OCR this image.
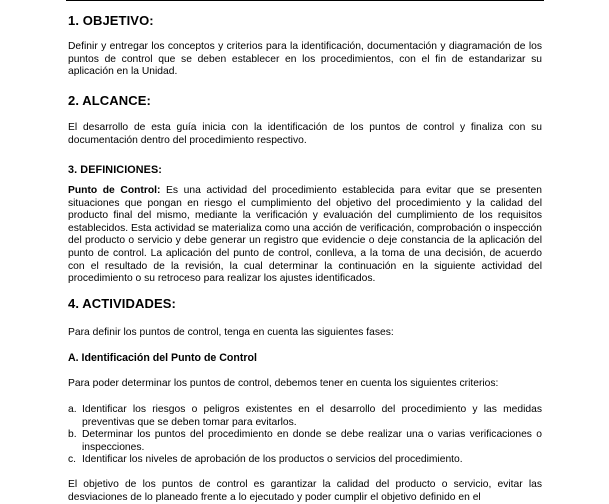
1. OBJETIVO:

Definir y entregar los conceptos y criterios para la identificación, documentación y diagramación de los puntos de control que se deben establecer en los procedimientos, con el fin de estandarizar su aplicación en la Unidad.

2. ALCANCE:

El desarrollo de esta guía inicia con la identificación de los puntos de control y finaliza con su documentación dentro del procedimiento respectivo.

3. DEFINICIONES:

Punto de Control: Es una actividad del procedimiento establecida para evitar que se presenten situaciones que pongan en riesgo el cumplimiento del objetivo del procedimiento y la calidad del producto final del mismo, mediante la verificación y evaluación del cumplimiento de los requisitos establecidos. Esta actividad se materializa como una acción de verificación, comprobación o inspección del producto o servicio y debe generar un registro que evidencie o deje constancia de la aplicación del punto de control. La aplicación del punto de control, conlleva, a la toma de una decisión, de acuerdo con el resultado de la revisión, la cual determinar la continuación en la siguiente actividad del procedimiento o su retroceso para realizar los ajustes identificados.

4. ACTIVIDADES:

Para definir los puntos de control, tenga en cuenta las siguientes fases:

A. Identificación del Punto de Control

Para poder determinar los puntos de control, debemos tener en cuenta los siguientes criterios:

a. Identificar los riesgos o peligros existentes en el desarrollo del procedimiento y las medidas preventivas que se deben tomar para evitarlos.
b. Determinar los puntos del procedimiento en donde se debe realizar una o varias verificaciones o inspecciones.
c. Identificar los niveles de aprobación de los productos o servicios del procedimiento.

El objetivo de los puntos de control es garantizar la calidad del producto o servicio, evitar las desviaciones de lo planeado frente a lo ejecutado y poder cumplir el objetivo definido en el
